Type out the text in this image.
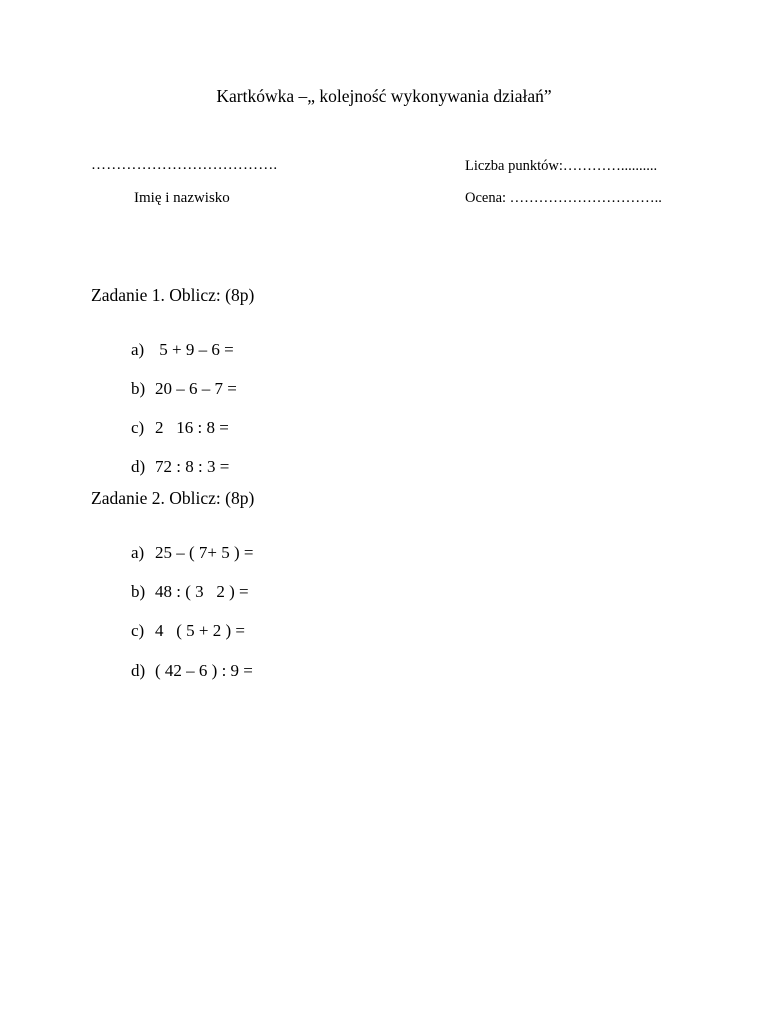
Kartkówka –„ kolejność wykonywania działań”
……………………………….
Imię i nazwisko
Liczba punktów:…………..........
Ocena: …………………………..
Zadanie 1. Oblicz: (8p)

a) 5 + 9 – 6 =

b) 20 – 6 – 7 =

c) 2   16 : 8 =

d) 72 : 8 : 3 =

Zadanie 2. Oblicz: (8p)

a) 25 – ( 7+ 5 ) =

b) 48 : ( 3   2 ) =

c) 4   ( 5 + 2 ) =

d) ( 42 – 6 ) : 9 =
